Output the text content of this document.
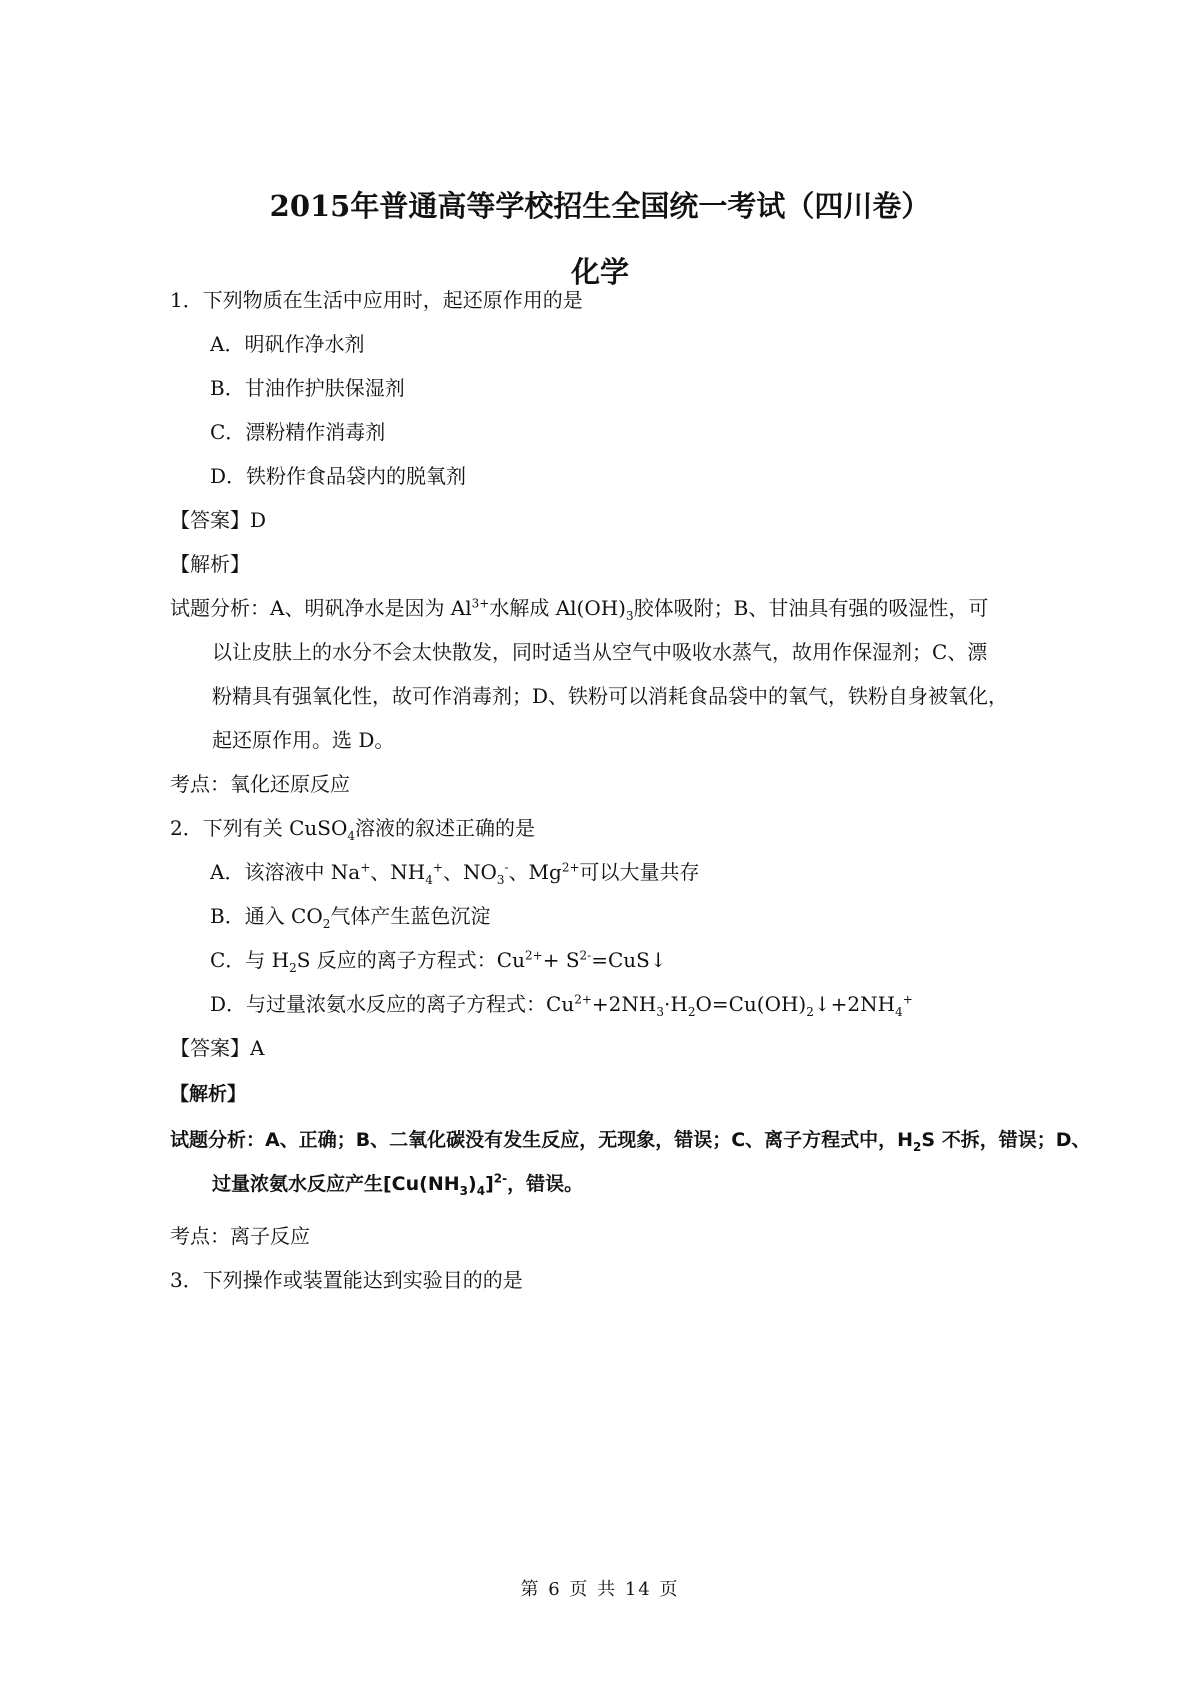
2015年普通高等学校招生全国统一考试（四川卷）
化学
1．下列物质在生活中应用时，起还原作用的是
A．明矾作净水剂
B．甘油作护肤保湿剂
C．漂粉精作消毒剂
D．铁粉作食品袋内的脱氧剂
【答案】D
【解析】
试题分析：A、明矾净水是因为 $Al^{3+}$水解成 $Al(OH)_3$胶体吸附；B、甘油具有强的吸湿性，可
以让皮肤上的水分不会太快散发，同时适当从空气中吸收水蒸气，故用作保湿剂；C、漂
粉精具有强氧化性，故可作消毒剂；D、铁粉可以消耗食品袋中的氧气，铁粉自身被氧化，
起还原作用。选 D。
考点：氧化还原反应
2．下列有关 CuSO$_4$溶液的叙述正确的是
A．该溶液中 Na+、$NH_4^+$、$NO_3^-$、$Mg^{2+}$可以大量共存
B．通入 $CO_2$气体产生蓝色沉淀
C．与 $H_2S$ 反应的离子方程式：$Cu^{2+}+$ $S^{2-}=CuS↓$
D．与过量浓氨水反应的离子方程式：$Cu^{2+}+2NH_3\cdot H_2O=Cu(OH)_2↓+2NH_4^+$
【答案】A
【解析】
试题分析：A、正确；B、二氧化碳没有发生反应，无现象，错误；C、离子方程式中，$H_2S$ 不拆，错误；D、
过量浓氨水反应产生$[Cu(NH_3)_4]^{2-}$，错误。
考点：离子反应
3．下列操作或装置能达到实验目的的是
第 6 页 共 14 页
